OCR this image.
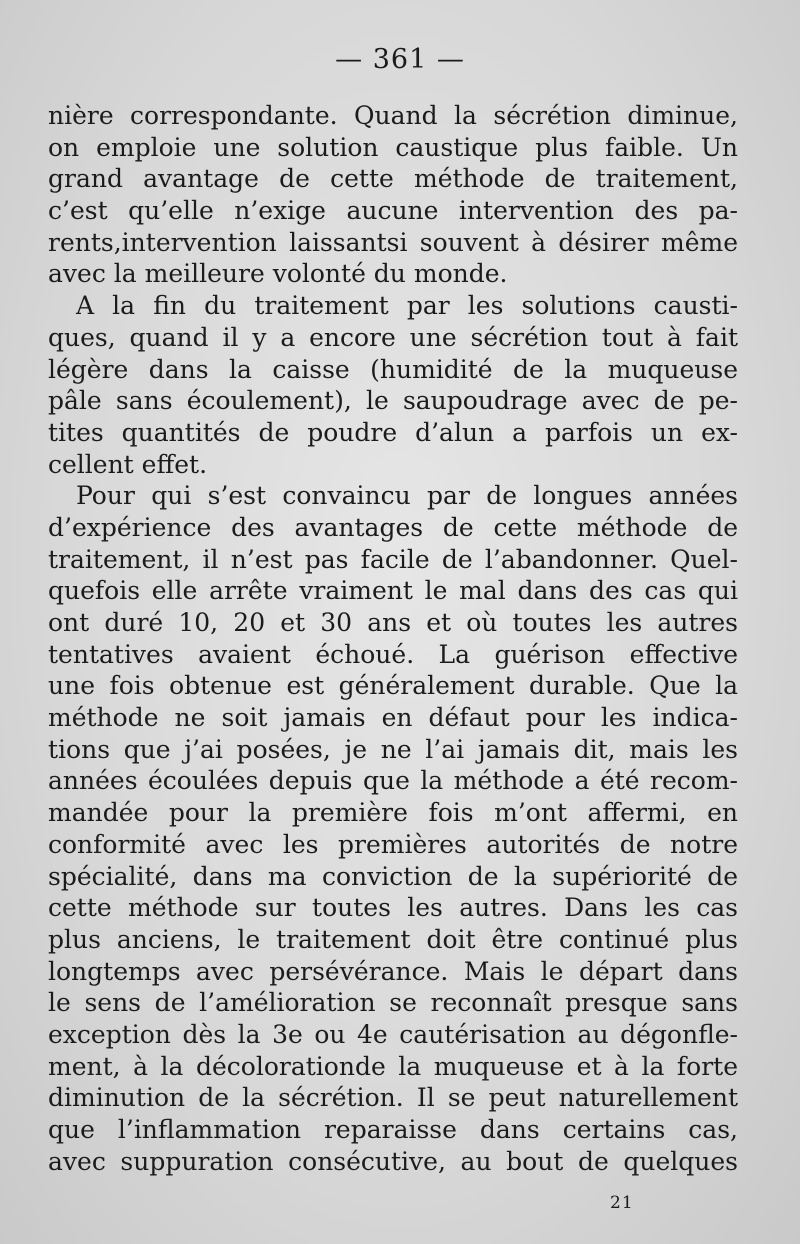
— 361 —
nière correspondante. Quand la sécrétion diminue,
on emploie une solution caustique plus faible. Un
grand avantage de cette méthode de traitement,
c’est qu’elle n’exige aucune intervention des pa-
rents,intervention laissantsi souvent à désirer même
avec la meilleure volonté du monde.
A la fin du traitement par les solutions causti-
ques, quand il y a encore une sécrétion tout à fait
légère dans la caisse (humidité de la muqueuse
pâle sans écoulement), le saupoudrage avec de pe-
tites quantités de poudre d’alun a parfois un ex-
cellent effet.
Pour qui s’est convaincu par de longues années
d’expérience des avantages de cette méthode de
traitement, il n’est pas facile de l’abandonner. Quel-
quefois elle arrête vraiment le mal dans des cas qui
ont duré 10, 20 et 30 ans et où toutes les autres
tentatives avaient échoué. La guérison effective
une fois obtenue est généralement durable. Que la
méthode ne soit jamais en défaut pour les indica-
tions que j’ai posées, je ne l’ai jamais dit, mais les
années écoulées depuis que la méthode a été recom-
mandée pour la première fois m’ont affermi, en
conformité avec les premières autorités de notre
spécialité, dans ma conviction de la supériorité de
cette méthode sur toutes les autres. Dans les cas
plus anciens, le traitement doit être continué plus
longtemps avec persévérance. Mais le départ dans
le sens de l’amélioration se reconnaît presque sans
exception dès la 3e ou 4e cautérisation au dégonfle-
ment, à la décolorationde la muqueuse et à la forte
diminution de la sécrétion. Il se peut naturellement
que l’inflammation reparaisse dans certains cas,
avec suppuration consécutive, au bout de quelques
21
